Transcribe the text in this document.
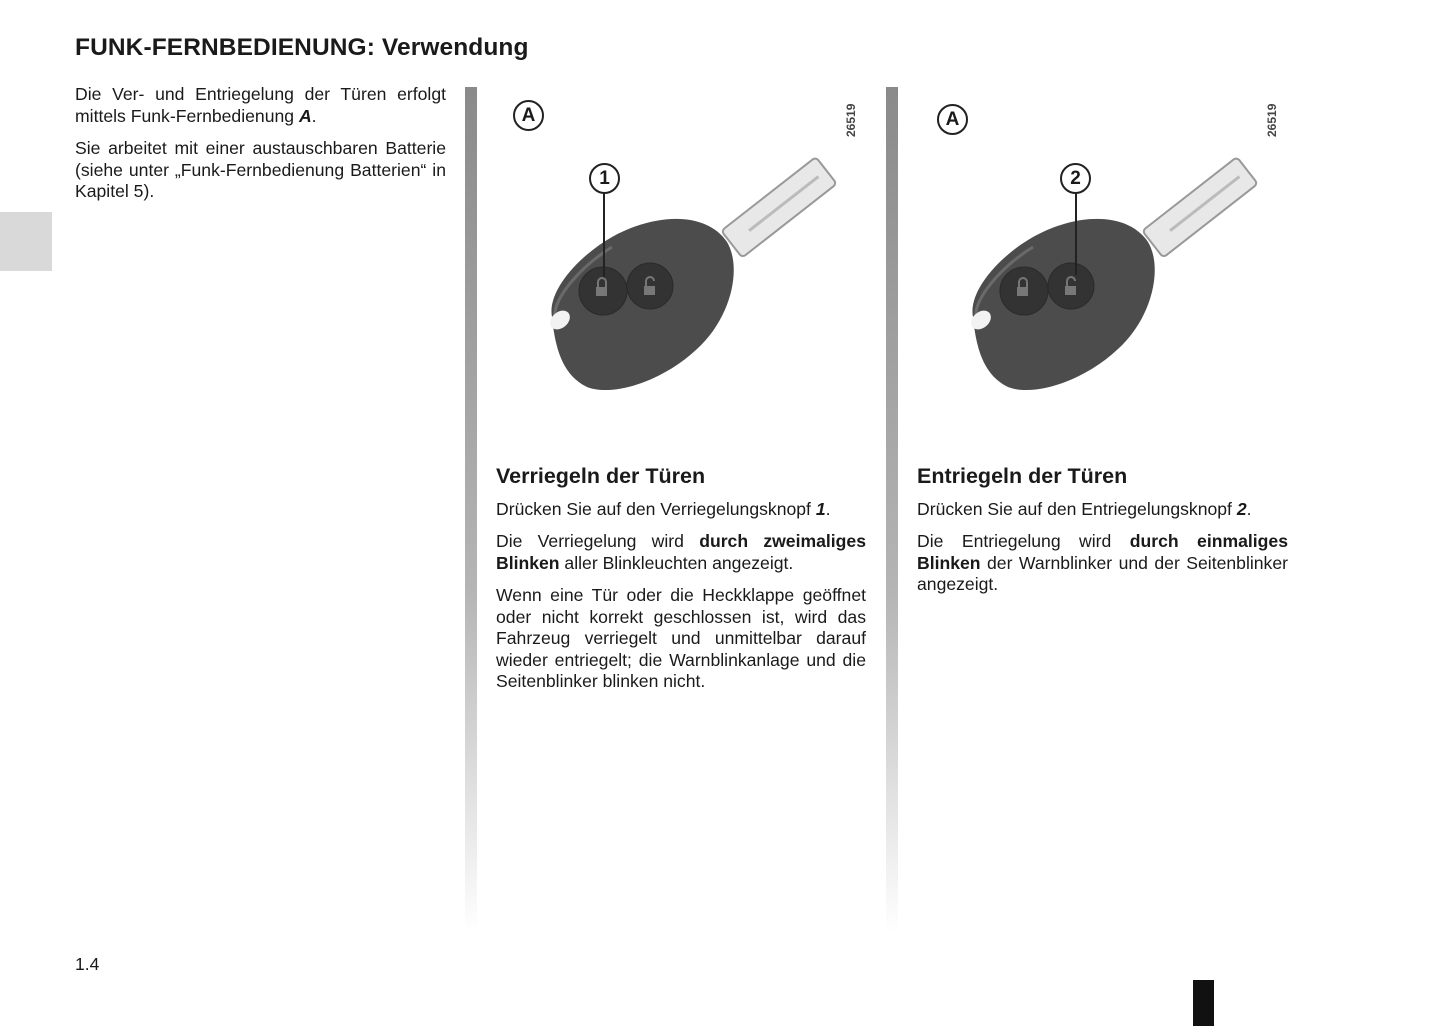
FUNK-FERNBEDIENUNG: Verwendung

Die Ver- und Entriegelung der Türen erfolgt mittels Funk-Fernbedienung A.

Sie arbeitet mit einer austauschbaren Batterie (siehe unter „Funk-Fernbedienung Batterien“ in Kapitel 5).

A
1
26519	A
2
26519

Verriegeln der Türen

Drücken Sie auf den Verriegelungsknopf 1.

Die Verriegelung wird durch zweimaliges Blinken aller Blinkleuchten angezeigt.

Wenn eine Tür oder die Heckklappe geöffnet oder nicht korrekt geschlossen ist, wird das Fahrzeug verriegelt und unmittelbar darauf wieder entriegelt; die Warnblinkanlage und die Seitenblinker blinken nicht.

Entriegeln der Türen

Drücken Sie auf den Entriegelungsknopf 2.

Die Entriegelung wird durch einmaliges Blinken der Warnblinker und der Seitenblinker angezeigt.

1.4
